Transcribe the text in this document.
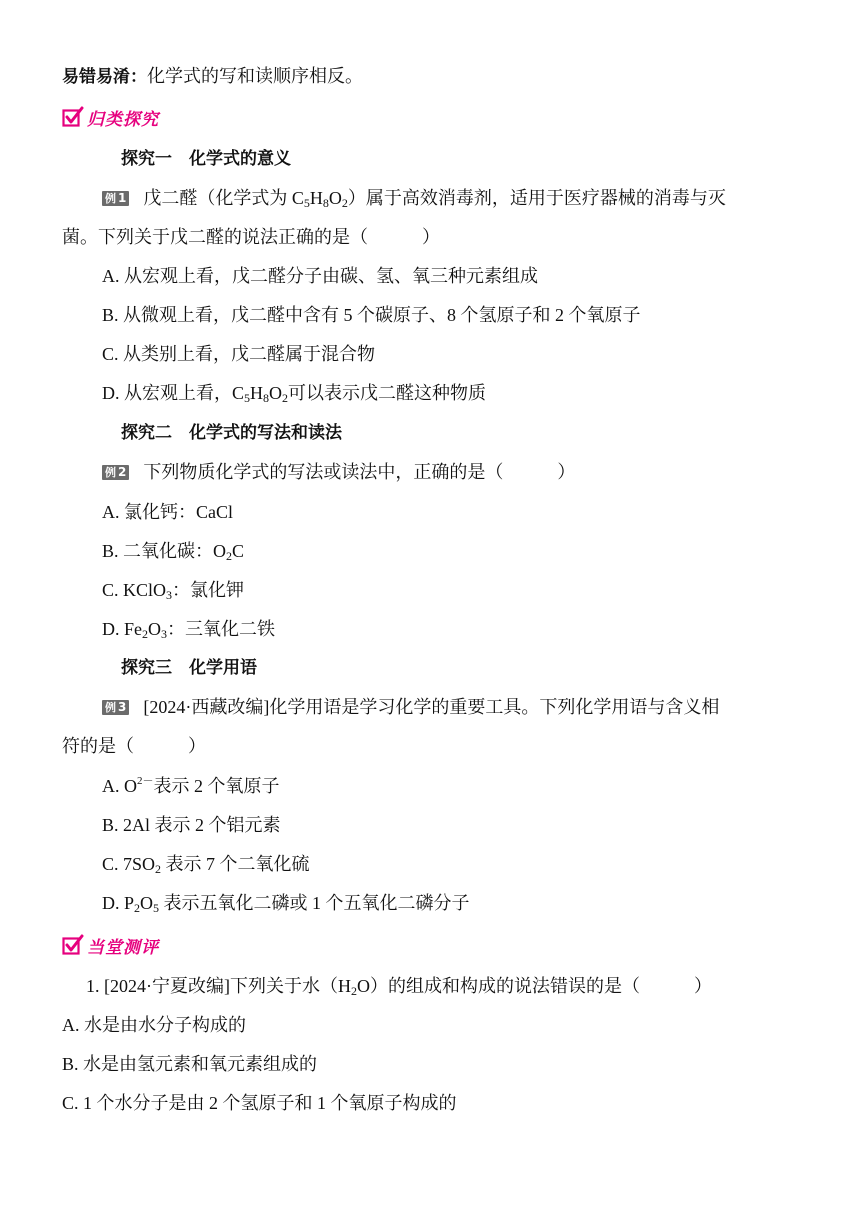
易错易淆：化学式的写和读顺序相反。
归类探究
探究一　化学式的意义
例 1 戊二醛（化学式为 $C_5H_8O_2$）属于高效消毒剂，适用于医疗器械的消毒与灭
菌。下列关于戊二醛的说法正确的是（　　　）
A. 从宏观上看，戊二醛分子由碳、氢、氧三种元素组成
B. 从微观上看，戊二醛中含有 5 个碳原子、8 个氢原子和 2 个氧原子
C. 从类别上看，戊二醛属于混合物
D. 从宏观上看，$C_5H_8O_2$可以表示戊二醛这种物质
探究二　化学式的写法和读法
例 2 下列物质化学式的写法或读法中，正确的是（　　　）
A. 氯化钙：CaCl
B. 二氧化碳：$O_2C$
C. KClO$_3$：氯化钾
D. $Fe_2O_3$：三氧化二铁
探究三　化学用语
例 3 [2024·西藏改编]化学用语是学习化学的重要工具。下列化学用语与含义相
符的是（　　　）
A. $O^{2-}$表示 2 个氧原子
B. 2Al 表示 2 个铝元素
C. $7SO_2$ 表示 7 个二氧化硫
D. $P_2O_5$ 表示五氧化二磷或 1 个五氧化二磷分子
当堂测评
1. [2024·宁夏改编]下列关于水$(H_2O)$的组成和构成的说法错误的是（　　　）
A. 水是由水分子构成的
B. 水是由氢元素和氧元素组成的
C. 1 个水分子是由 2 个氢原子和 1 个氧原子构成的
